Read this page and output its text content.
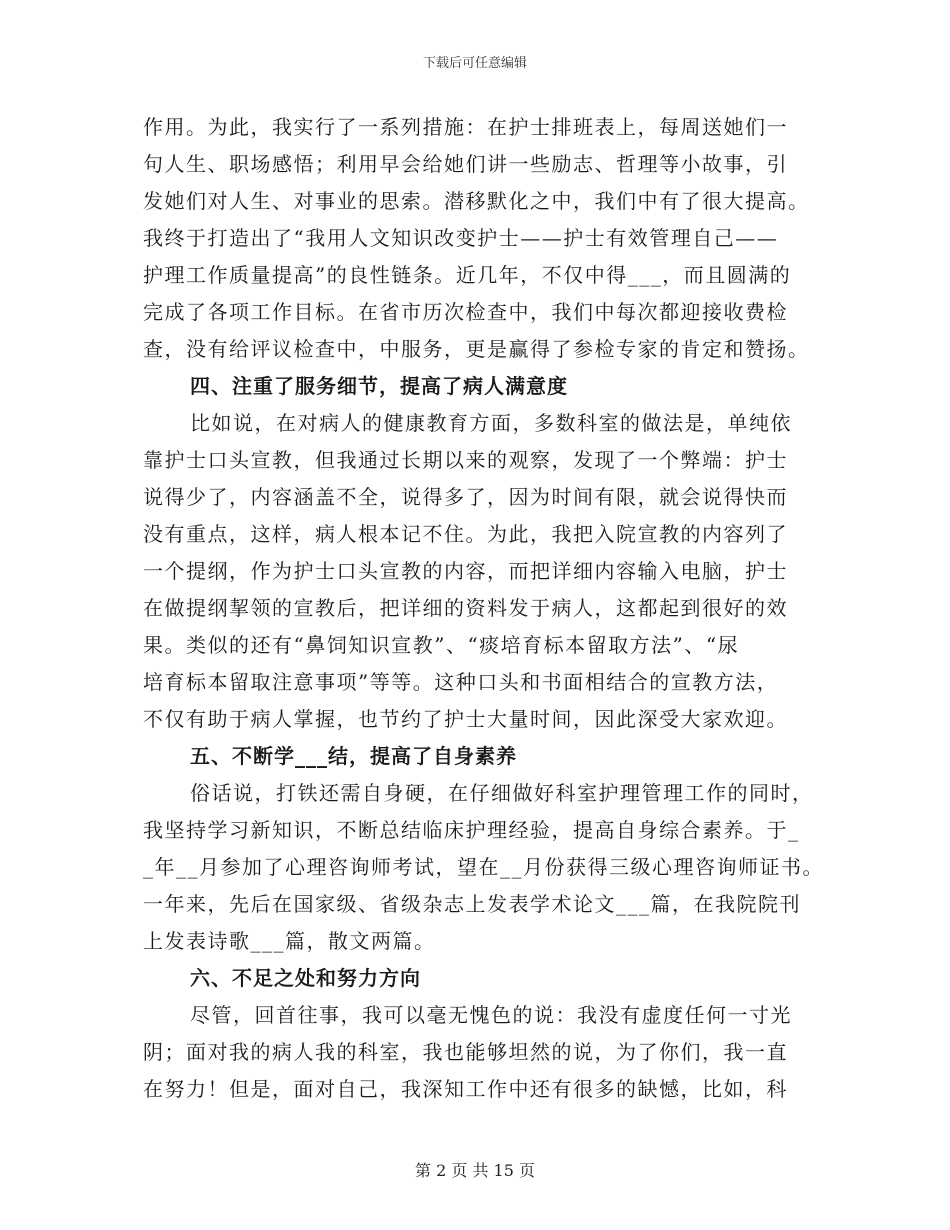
下载后可任意编辑
作用。为此，我实行了一系列措施：在护士排班表上，每周送她们一
句人生、职场感悟；利用早会给她们讲一些励志、哲理等小故事，引
发她们对人生、对事业的思索。潜移默化之中，我们中有了很大提高。
我终于打造出了“我用人文知识改变护士——护士有效管理自己——
护理工作质量提高”的良性链条。近几年，不仅中得___，而且圆满的
完成了各项工作目标。在省市历次检查中，我们中每次都迎接收费检
查，没有给评议检查中，中服务，更是赢得了参检专家的肯定和赞扬。
四、注重了服务细节，提高了病人满意度
比如说，在对病人的健康教育方面，多数科室的做法是，单纯依
靠护士口头宣教，但我通过长期以来的观察，发现了一个弊端：护士
说得少了，内容涵盖不全，说得多了，因为时间有限，就会说得快而
没有重点，这样，病人根本记不住。为此，我把入院宣教的内容列了
一个提纲，作为护士口头宣教的内容，而把详细内容输入电脑，护士
在做提纲挈领的宣教后，把详细的资料发于病人，这都起到很好的效
果。类似的还有“鼻饲知识宣教”、“痰培育标本留取方法”、“尿
培育标本留取注意事项”等等。这种口头和书面相结合的宣教方法，
不仅有助于病人掌握，也节约了护士大量时间，因此深受大家欢迎。
五、不断学___结，提高了自身素养
俗话说，打铁还需自身硬，在仔细做好科室护理管理工作的同时，
我坚持学习新知识，不断总结临床护理经验，提高自身综合素养。于_
_年__月参加了心理咨询师考试，望在__月份获得三级心理咨询师证书。
一年来，先后在国家级、省级杂志上发表学术论文___篇，在我院院刊
上发表诗歌___篇，散文两篇。
六、不足之处和努力方向
尽管，回首往事，我可以毫无愧色的说：我没有虚度任何一寸光
阴；面对我的病人我的科室，我也能够坦然的说，为了你们，我一直
在努力！但是，面对自己，我深知工作中还有很多的缺憾，比如，科
第 2 页 共 15 页
